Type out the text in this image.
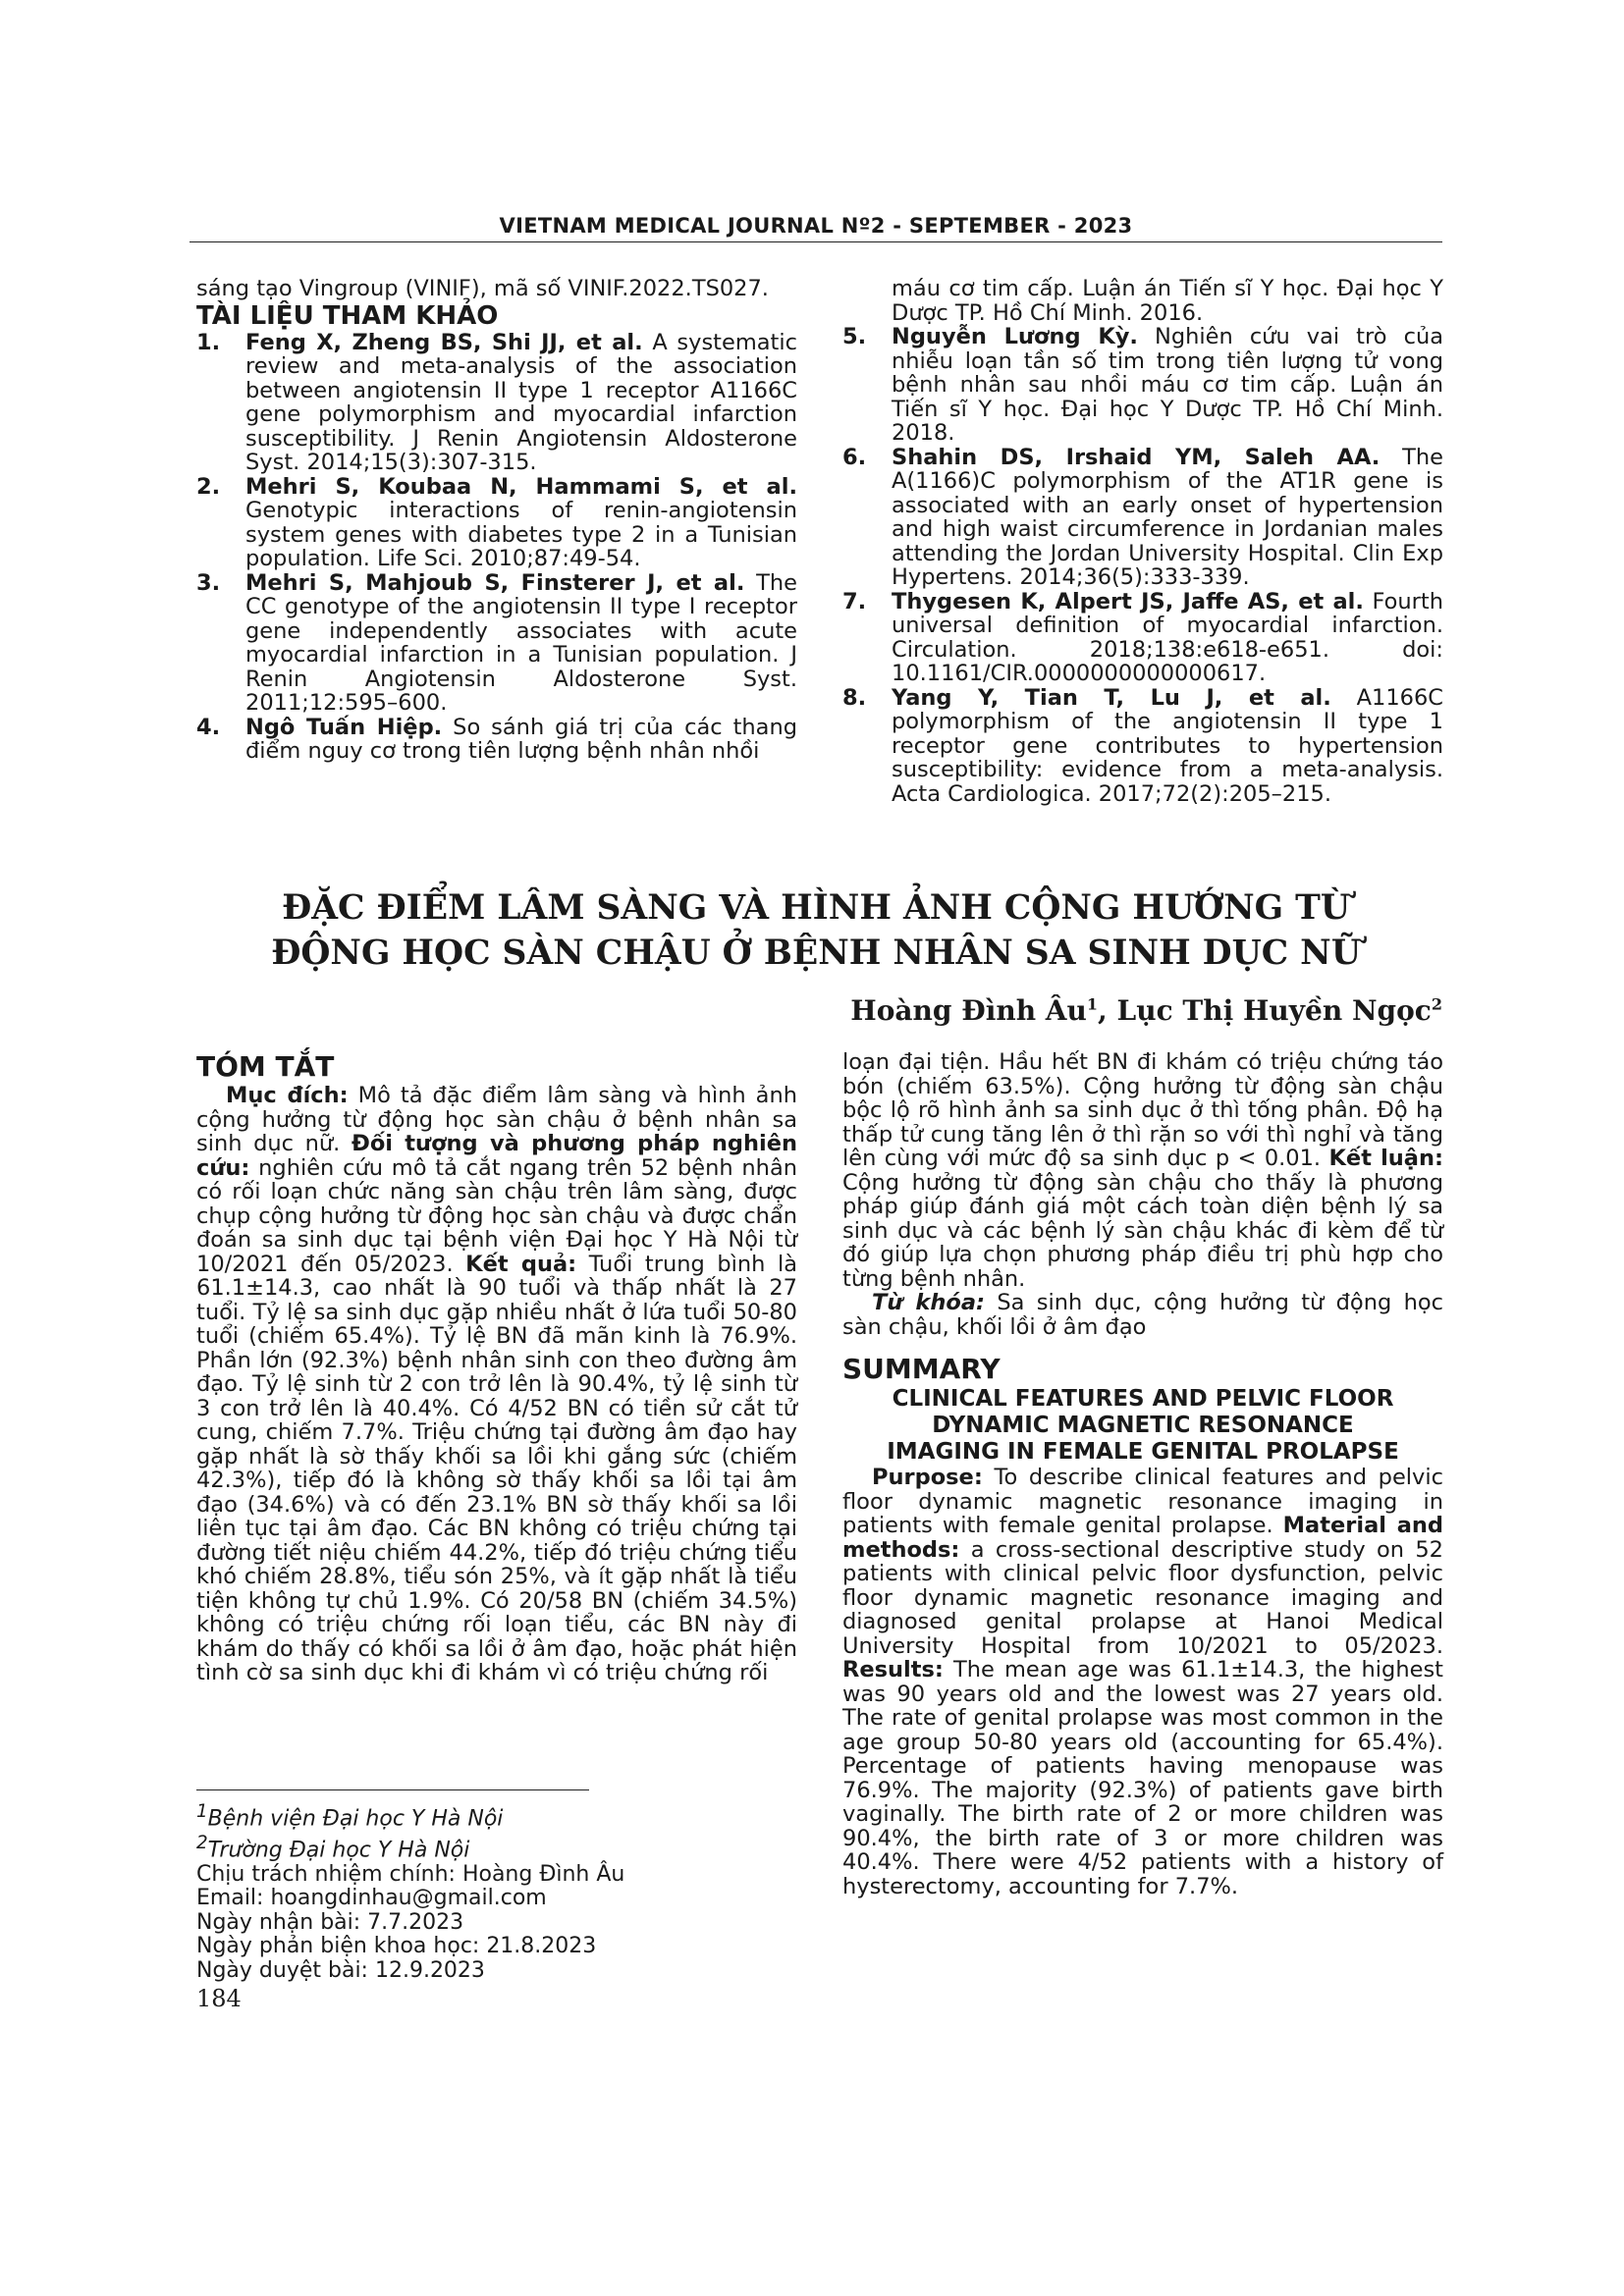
VIETNAM MEDICAL JOURNAL Nº2 - SEPTEMBER - 2023

sáng tạo Vingroup (VINIF), mã số VINIF.2022.TS027.

TÀI LIỆU THAM KHẢO

1. Feng X, Zheng BS, Shi JJ, et al. A systematic review and meta-analysis of the association between angiotensin II type 1 receptor A1166C gene polymorphism and myocardial infarction susceptibility. J Renin Angiotensin Aldosterone Syst. 2014;15(3):307-315.

2. Mehri S, Koubaa N, Hammami S, et al. Genotypic interactions of renin-angiotensin system genes with diabetes type 2 in a Tunisian population. Life Sci. 2010;87:49-54.

3. Mehri S, Mahjoub S, Finsterer J, et al. The CC genotype of the angiotensin II type I receptor gene independently associates with acute myocardial infarction in a Tunisian population. J Renin Angiotensin Aldosterone Syst. 2011;12:595–600.

4. Ngô Tuấn Hiệp. So sánh giá trị của các thang điểm nguy cơ trong tiên lượng bệnh nhân nhồi

máu cơ tim cấp. Luận án Tiến sĩ Y học. Đại học Y Dược TP. Hồ Chí Minh. 2016.

5. Nguyễn Lương Kỳ. Nghiên cứu vai trò của nhiễu loạn tần số tim trong tiên lượng tử vong bệnh nhân sau nhồi máu cơ tim cấp. Luận án Tiến sĩ Y học. Đại học Y Dược TP. Hồ Chí Minh. 2018.

6. Shahin DS, Irshaid YM, Saleh AA. The A(1166)C polymorphism of the AT1R gene is associated with an early onset of hypertension and high waist circumference in Jordanian males attending the Jordan University Hospital. Clin Exp Hypertens. 2014;36(5):333-339.

7. Thygesen K, Alpert JS, Jaffe AS, et al. Fourth universal definition of myocardial infarction. Circulation. 2018;138:e618-e651. doi: 10.1161/CIR.0000000000000617.

8. Yang Y, Tian T, Lu J, et al. A1166C polymorphism of the angiotensin II type 1 receptor gene contributes to hypertension susceptibility: evidence from a meta-analysis. Acta Cardiologica. 2017;72(2):205–215.

ĐẶC ĐIỂM LÂM SÀNG VÀ HÌNH ẢNH CỘNG HƯỚNG TỪ
ĐỘNG HỌC SÀN CHẬU Ở BỆNH NHÂN SA SINH DỤC NỮ
Hoàng Đình $Âu^1$, Lục Thị Huyền Ngọc$^2$

TÓM TẮT

Mục đích: Mô tả đặc điểm lâm sàng và hình ảnh cộng hưởng từ động học sàn chậu ở bệnh nhân sa sinh dục nữ. Đối tượng và phương pháp nghiên cứu: nghiên cứu mô tả cắt ngang trên 52 bệnh nhân có rối loạn chức năng sàn chậu trên lâm sàng, được chụp cộng hưởng từ động học sàn chậu và được chẩn đoán sa sinh dục tại bệnh viện Đại học Y Hà Nội từ 10/2021 đến 05/2023. Kết quả: Tuổi trung bình là 61.1±14.3, cao nhất là 90 tuổi và thấp nhất là 27 tuổi. Tỷ lệ sa sinh dục gặp nhiều nhất ở lứa tuổi 50-80 tuổi (chiếm 65.4%). Tỷ lệ BN đã mãn kinh là 76.9%. Phần lớn (92.3%) bệnh nhân sinh con theo đường âm đạo. Tỷ lệ sinh từ 2 con trở lên là 90.4%, tỷ lệ sinh từ 3 con trở lên là 40.4%. Có 4/52 BN có tiền sử cắt tử cung, chiếm 7.7%. Triệu chứng tại đường âm đạo hay gặp nhất là sờ thấy khối sa lồi khi gắng sức (chiếm 42.3%), tiếp đó là không sờ thấy khối sa lồi tại âm đạo (34.6%) và có đến 23.1% BN sờ thấy khối sa lồi liên tục tại âm đạo. Các BN không có triệu chứng tại đường tiết niệu chiếm 44.2%, tiếp đó triệu chứng tiểu khó chiếm 28.8%, tiểu són 25%, và ít gặp nhất là tiểu tiện không tự chủ 1.9%. Có 20/58 BN (chiếm 34.5%) không có triệu chứng rối loạn tiểu, các BN này đi khám do thấy có khối sa lồi ở âm đạo, hoặc phát hiện tình cờ sa sinh dục khi đi khám vì có triệu chứng rối

loạn đại tiện. Hầu hết BN đi khám có triệu chứng táo bón (chiếm 63.5%). Cộng hưởng từ động sàn chậu bộc lộ rõ hình ảnh sa sinh dục ở thì tống phân. Độ hạ thấp tử cung tăng lên ở thì rặn so với thì nghỉ và tăng lên cùng với mức độ sa sinh dục p < 0.01. Kết luận: Cộng hưởng từ động sàn chậu cho thấy là phương pháp giúp đánh giá một cách toàn diện bệnh lý sa sinh dục và các bệnh lý sàn chậu khác đi kèm để từ đó giúp lựa chọn phương pháp điều trị phù hợp cho từng bệnh nhân.

Từ khóa: Sa sinh dục, cộng hưởng từ động học sàn chậu, khối lồi ở âm đạo

SUMMARY

CLINICAL FEATURES AND PELVIC FLOOR

DYNAMIC MAGNETIC RESONANCE

IMAGING IN FEMALE GENITAL PROLAPSE

Purpose: To describe clinical features and pelvic floor dynamic magnetic resonance imaging in patients with female genital prolapse. Material and methods: a cross-sectional descriptive study on 52 patients with clinical pelvic floor dysfunction, pelvic floor dynamic magnetic resonance imaging and diagnosed genital prolapse at Hanoi Medical University Hospital from 10/2021 to 05/2023. Results: The mean age was 61.1±14.3, the highest was 90 years old and the lowest was 27 years old. The rate of genital prolapse was most common in the age group 50-80 years old (accounting for 65.4%). Percentage of patients having menopause was 76.9%. The majority (92.3%) of patients gave birth vaginally. The birth rate of 2 or more children was 90.4%, the birth rate of 3 or more children was 40.4%. There were 4/52 patients with a history of hysterectomy, accounting for 7.7%.

$^1$Bệnh viện Đại học Y Hà Nội

$^2$Trường Đại học Y Hà Nội

Chịu trách nhiệm chính: Hoàng Đình Âu

Email: hoangdinhau@gmail.com

Ngày nhận bài: 7.7.2023

Ngày phản biện khoa học: 21.8.2023

Ngày duyệt bài: 12.9.2023

184
